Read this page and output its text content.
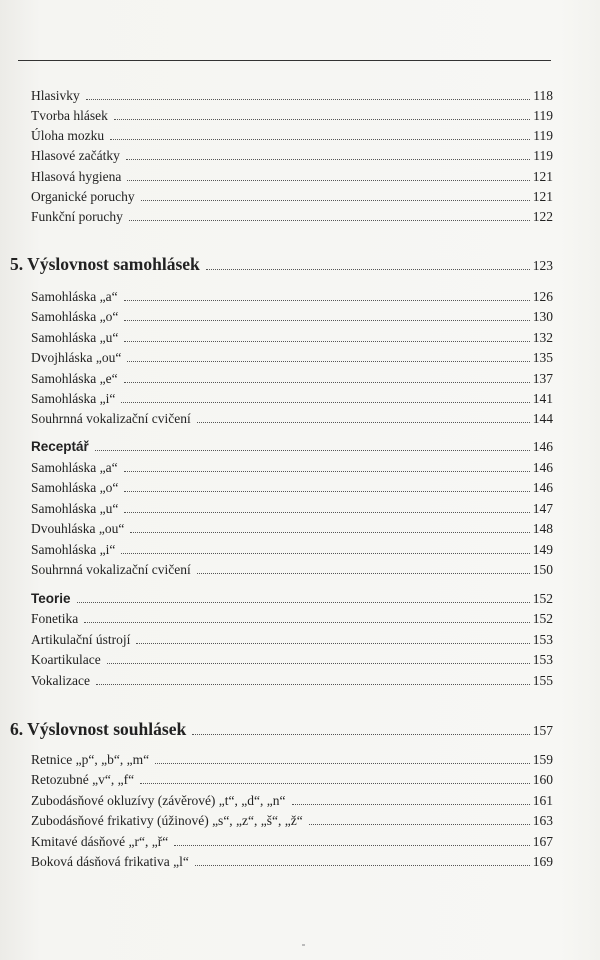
Hlasivky	118
Tvorba hlásek	119
Úloha mozku	119
Hlasové začátky	119
Hlasová hygiena	121
Organické poruchy	121
Funkční poruchy	122
5. Výslovnost samohlásek	123
Samohláska „a“	126
Samohláska „o“	130
Samohláska „u“	132
Dvojhláska „ou“	135
Samohláska „e“	137
Samohláska „i“	141
Souhrnná vokalizační cvičení	144
Receptář	146
Samohláska „a“	146
Samohláska „o“	146
Samohláska „u“	147
Dvouhláska „ou“	148
Samohláska „i“	149
Souhrnná vokalizační cvičení	150
Teorie	152
Fonetika	152
Artikulační ústrojí	153
Koartikulace	153
Vokalizace	155
6. Výslovnost souhlásek	157
Retnice „p“, „b“, „m“	159
Retozubné „v“, „f“	160
Zubodásňové okluzívy (závěrové) „t“, „d“, „n“	161
Zubodásňové frikativy (úžinové) „s“, „z“, „š“, „ž“	163
Kmitavé dásňové „r“, „ř“	167
Boková dásňová frikativa „l“	169
